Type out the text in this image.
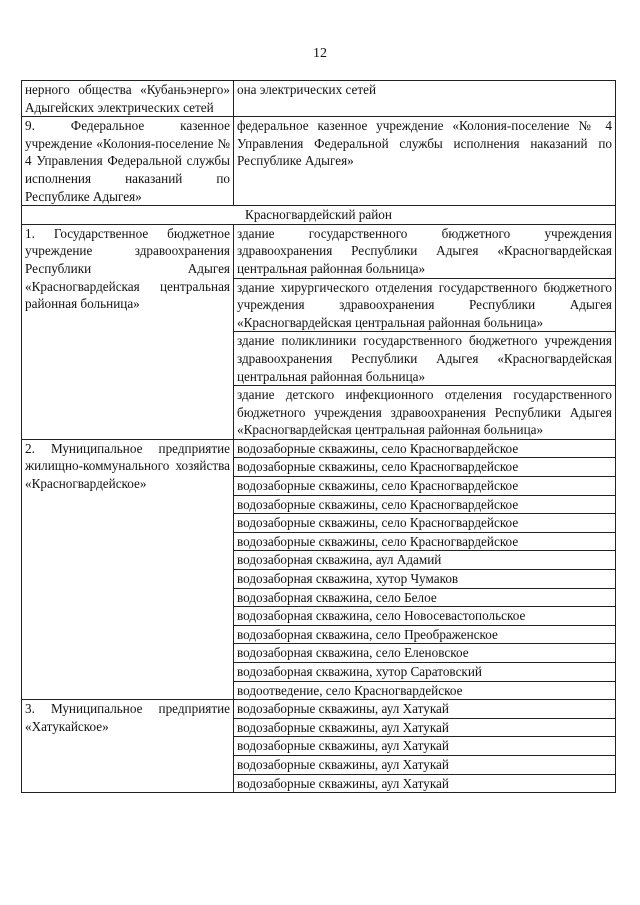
12
нерного общества «Кубаньэнерго» Адыгейских электрических сетей	она электрических сетей
9. Федеральное казенное учреждение «Колония-поселение № 4 Управления Федеральной службы исполнения наказаний по Республике Адыгея»	федеральное казенное учреждение «Колония-поселение № 4 Управления Федеральной службы исполнения наказаний по Республике Адыгея»
Красногвардейский район	
1. Государственное бюджетное учреждение здравоохранения Республики Адыгея «Красногвардейская центральная районная больница»	здание государственного бюджетного учреждения здравоохранения Республики Адыгея «Красногвардейская центральная районная больница»
	здание хирургического отделения государственного бюджетного учреждения здравоохранения Республики Адыгея «Красногвардейская центральная районная больница»
	здание поликлиники государственного бюджетного учреждения здравоохранения Республики Адыгея «Красногвардейская центральная районная больница»
	здание детского инфекционного отделения государственного бюджетного учреждения здравоохранения Республики Адыгея «Красногвардейская центральная районная больница»
2. Муниципальное предприятие жилищно-коммунального хозяйства «Красногвардейское»	водозаборные скважины, село Красногвардейское
	водозаборные скважины, село Красногвардейское
	водозаборные скважины, село Красногвардейское
	водозаборные скважины, село Красногвардейское
	водозаборные скважины, село Красногвардейское
	водозаборные скважины, село Красногвардейское
	водозаборная скважина, аул Адамий
	водозаборная скважина, хутор Чумаков
	водозаборная скважина, село Белое
	водозаборная скважина, село Новосевастопольское
	водозаборная скважина, село Преображенское
	водозаборная скважина, село Еленовское
	водозаборная скважина, хутор Саратовский
	водоотведение, село Красногвардейское
3. Муниципальное предприятие «Хатукайское»	водозаборные скважины, аул Хатукай
	водозаборные скважины, аул Хатукай
	водозаборные скважины, аул Хатукай
	водозаборные скважины, аул Хатукай
	водозаборные скважины, аул Хатукай
